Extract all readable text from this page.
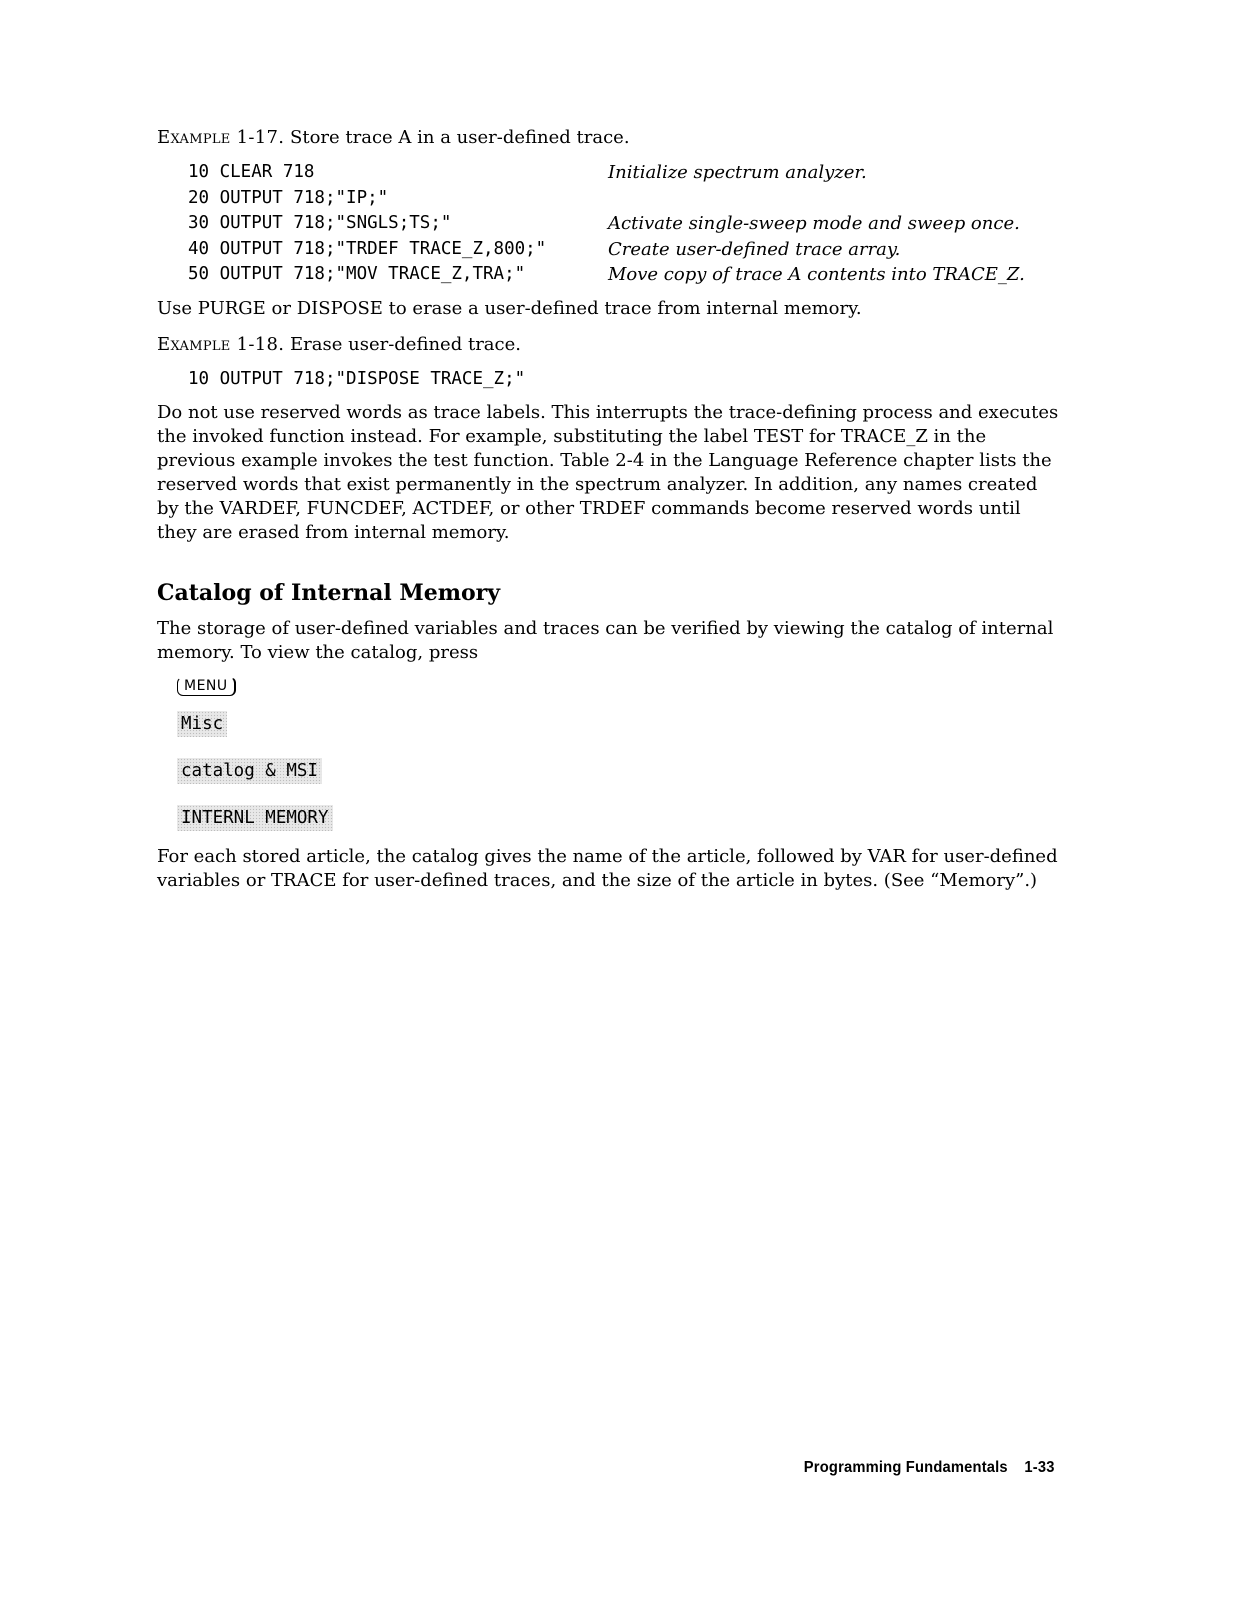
Example 1-17. Store trace A in a user-defined trace.

10 CLEAR 718	Initialize spectrum analyzer.
20 OUTPUT 718;"IP;"	
30 OUTPUT 718;"SNGLS;TS;"	Activate single-sweep mode and sweep once.
40 OUTPUT 718;"TRDEF TRACE_Z,800;"	Create user-defined trace array.
50 OUTPUT 718;"MOV TRACE_Z,TRA;"	Move copy of trace A contents into TRACE_Z.

Use PURGE or DISPOSE to erase a user-defined trace from internal memory.

Example 1-18. Erase user-defined trace.

10 OUTPUT 718;"DISPOSE TRACE_Z;"

Do not use reserved words as trace labels. This interrupts the trace-defining process and executes the invoked function instead. For example, substituting the label TEST for TRACE_Z in the previous example invokes the test function. Table 2-4 in the Language Reference chapter lists the reserved words that exist permanently in the spectrum analyzer. In addition, any names created by the VARDEF, FUNCDEF, ACTDEF, or other TRDEF commands become reserved words until they are erased from internal memory.

Catalog of Internal Memory

The storage of user-defined variables and traces can be verified by viewing the catalog of internal memory. To view the catalog, press

MENU
Misc
catalog & MSI
INTERNL MEMORY

For each stored article, the catalog gives the name of the article, followed by VAR for user-defined variables or TRACE for user-defined traces, and the size of the article in bytes. (See “Memory”.)

Programming Fundamentals 1-33
